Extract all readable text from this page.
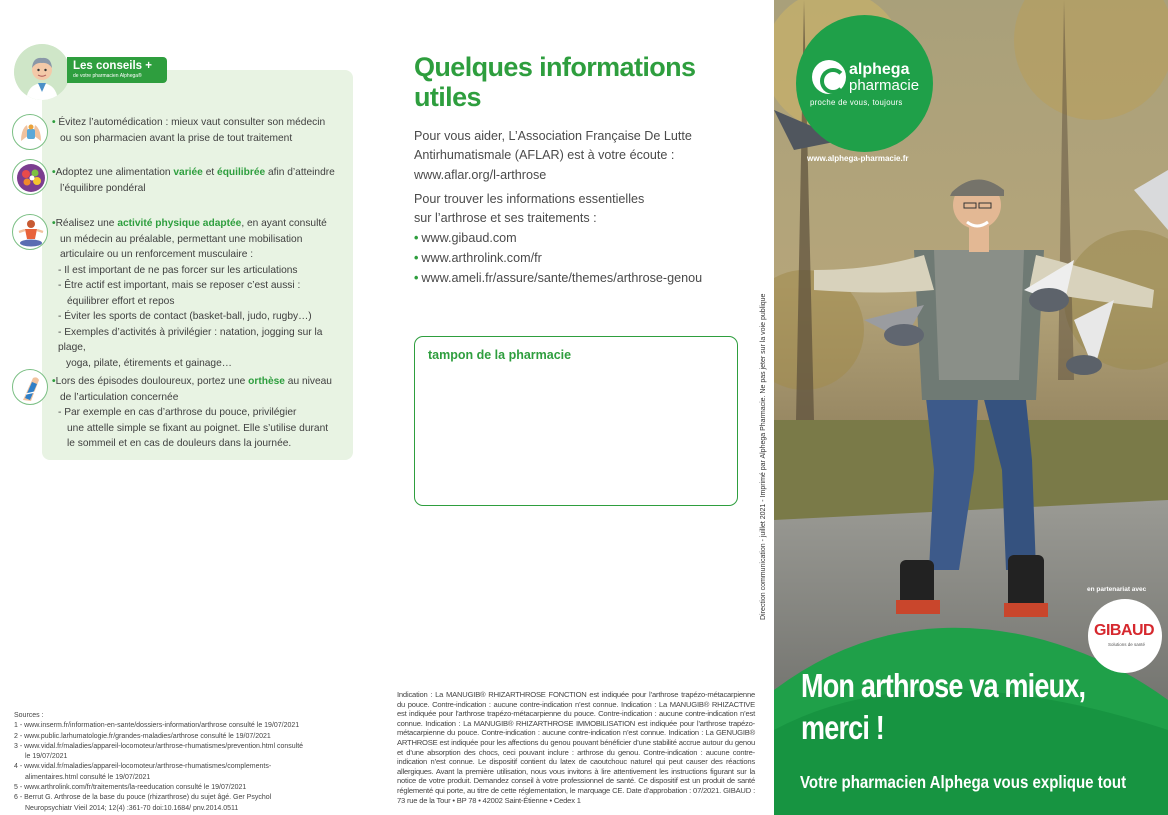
Les conseils +
de votre pharmacien Alphega®
• Évitez l’automédication : mieux vaut consulter son médecin
ou son pharmacien avant la prise de tout traitement
•Adoptez une alimentation variée et équilibrée afin d’atteindre
l’équilibre pondéral
•Réalisez une activité physique adaptée, en ayant consulté
un médecin au préalable, permettant une mobilisation
articulaire ou un renforcement musculaire :
- Il est important de ne pas forcer sur les articulations
- Être actif est important, mais se reposer c’est aussi :
équilibrer effort et repos
- Éviter les sports de contact (basket-ball, judo, rugby…)
- Exemples d’activités à privilégier : natation, jogging sur la plage,
yoga, pilate, étirements et gainage…
•Lors des épisodes douloureux, portez une orthèse au niveau
de l’articulation concernée
- Par exemple en cas d’arthrose du pouce, privilégier
une attelle simple se fixant au poignet. Elle s’utilise durant
le sommeil et en cas de douleurs dans la journée.
Sources :
1 - www.inserm.fr/information-en-sante/dossiers-information/arthrose consulté le 19/07/2021
2 - www.public.larhumatologie.fr/grandes-maladies/arthrose consulté le 19/07/2021
3 - www.vidal.fr/maladies/appareil-locomoteur/arthrose-rhumatismes/prevention.html consulté
le 19/07/2021
4 - www.vidal.fr/maladies/appareil-locomoteur/arthrose-rhumatismes/complements-
alimentaires.html consulté le 19/07/2021
5 - www.arthrolink.com/fr/traitements/la-reeducation consulté le 19/07/2021
6 - Berrut G. Arthrose de la base du pouce (rhizarthrose) du sujet âgé. Ger Psychol
Neuropsychiatr Vieil 2014; 12(4) :361-70 doi:10.1684/ pnv.2014.0511
Quelques informations
utiles
Pour vous aider, L’Association Française De Lutte
Antirhumatismale (AFLAR) est à votre écoute :
www.aflar.org/l-arthrose
Pour trouver les informations essentielles
sur l’arthrose et ses traitements :
• www.gibaud.com
• www.arthrolink.com/fr
• www.ameli.fr/assure/sante/themes/arthrose-genou
tampon de la pharmacie	Direction communication - juillet 2021 - Imprimé par Alphega Pharmacie. Ne pas jeter sur la voie publique
Indication : La MANUGIB® RHIZARTHROSE FONCTION est indiquée pour l’arthrose trapézo-métacarpienne du pouce. Contre-indication : aucune contre-indication n’est connue. Indication : La MANUGIB® RHIZACTIVE est indiquée pour l’arthrose trapézo-métacarpienne du pouce. Contre-indication : aucune contre-indication n’est connue. Indication : La MANUGIB® RHIZARTHROSE IMMOBILISATION est indiquée pour l’arthrose trapézo-métacarpienne du pouce. Contre-indication : aucune contre-indication n’est connue. Indication : La GENUGIB® ARTHROSE est indiquée pour les affections du genou pouvant bénéficier d’une stabilité accrue autour du genou et d’une absorption des chocs, ceci pouvant inclure : arthrose du genou. Contre-indication : aucune contre-indication n’est connue. Le dispositif contient du latex de caoutchouc naturel qui peut causer des réactions allergiques. Avant la première utilisation, nous vous invitons à lire attentivement les instructions figurant sur la notice de votre produit. Demandez conseil à votre professionnel de santé. Ce dispositif est un produit de santé réglementé qui porte, au titre de cette réglementation, le marquage CE. Date d’approbation : 07/2021. GIBAUD : 73 rue de la Tour • BP 78 • 42002 Saint-Étienne • Cedex 1
alphega
pharmacie
proche de vous, toujours
www.alphega-pharmacie.fr
en partenariat avec
GIBAUD
Solutions de santé
Mon arthrose va mieux,
merci !
Votre pharmacien Alphega vous explique tout
